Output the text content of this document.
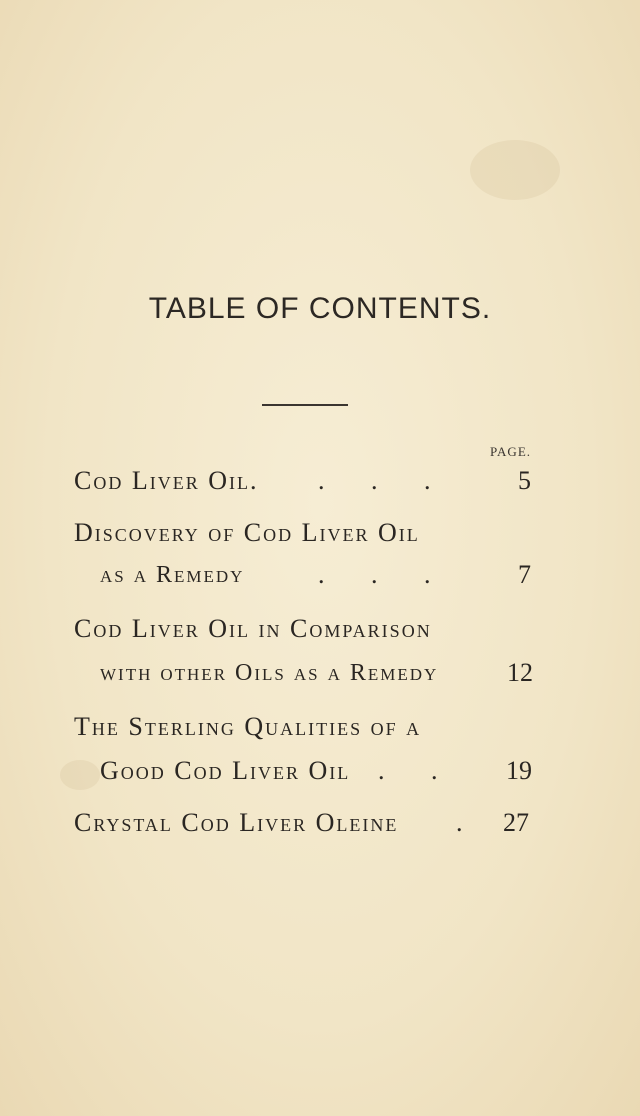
TABLE OF CONTENTS.
PAGE.
Cod Liver Oil. . . .	5
Discovery of Cod Liver Oil
as a Remedy	. . .	7
Cod Liver Oil in Comparison
with other Oils as a Remedy	12
The Sterling Qualities of a
Good Cod Liver Oil . . 19
Crystal Cod Liver Oleine . 27
